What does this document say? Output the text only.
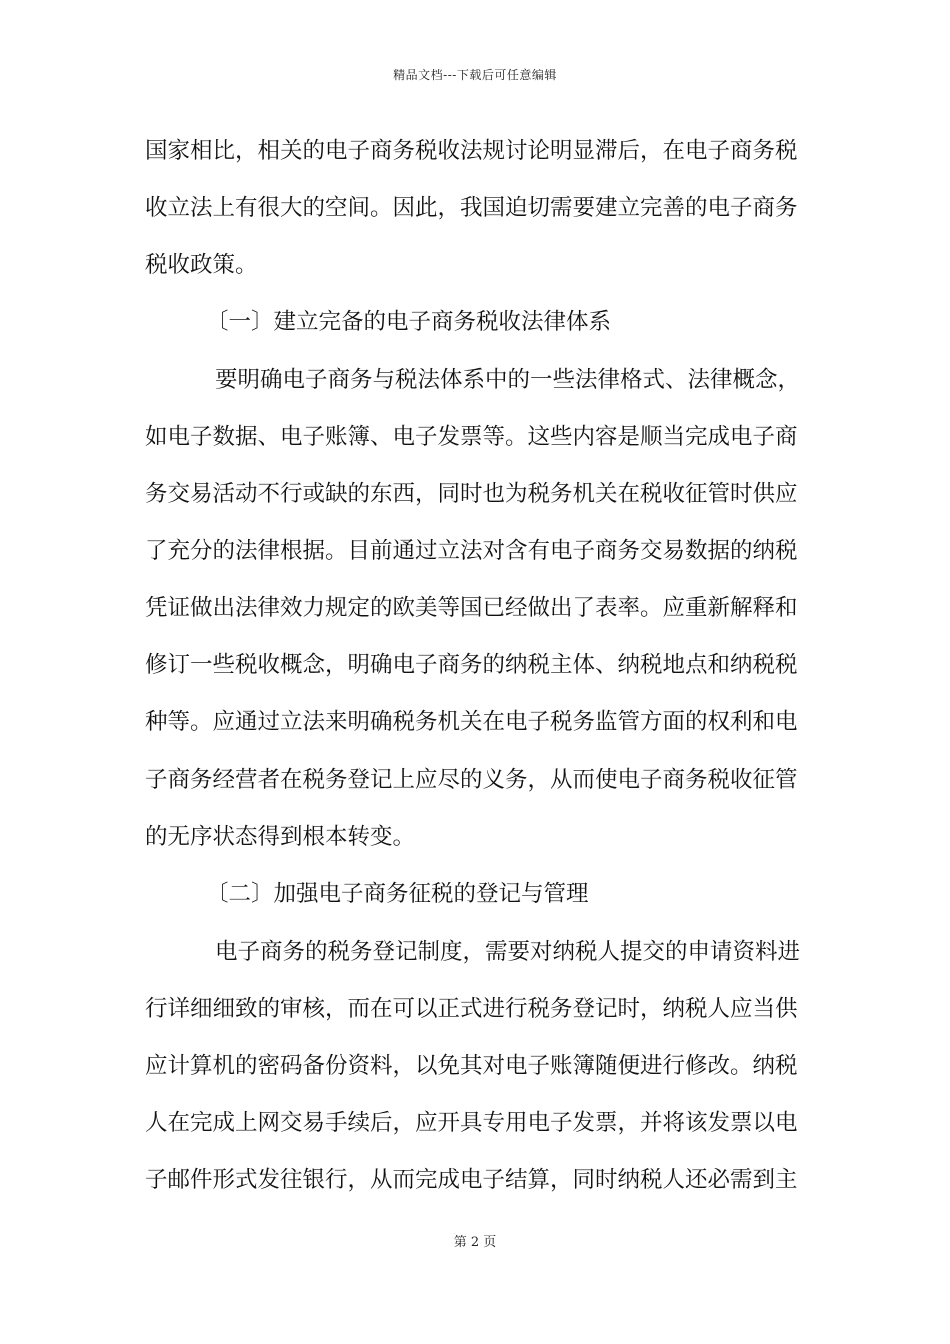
精品文档---下载后可任意编辑
国家相比，相关的电子商务税收法规讨论明显滞后，在电子商务税
收立法上有很大的空间。因此，我国迫切需要建立完善的电子商务
税收政策。
〔一〕建立完备的电子商务税收法律体系
要明确电子商务与税法体系中的一些法律格式、法律概念，
如电子数据、电子账簿、电子发票等。这些内容是顺当完成电子商
务交易活动不行或缺的东西，同时也为税务机关在税收征管时供应
了充分的法律根据。目前通过立法对含有电子商务交易数据的纳税
凭证做出法律效力规定的欧美等国已经做出了表率。应重新解释和
修订一些税收概念，明确电子商务的纳税主体、纳税地点和纳税税
种等。应通过立法来明确税务机关在电子税务监管方面的权利和电
子商务经营者在税务登记上应尽的义务，从而使电子商务税收征管
的无序状态得到根本转变。
〔二〕加强电子商务征税的登记与管理
电子商务的税务登记制度，需要对纳税人提交的申请资料进
行详细细致的审核，而在可以正式进行税务登记时，纳税人应当供
应计算机的密码备份资料，以免其对电子账簿随便进行修改。纳税
人在完成上网交易手续后，应开具专用电子发票，并将该发票以电
子邮件形式发往银行，从而完成电子结算，同时纳税人还必需到主
第 2 页
